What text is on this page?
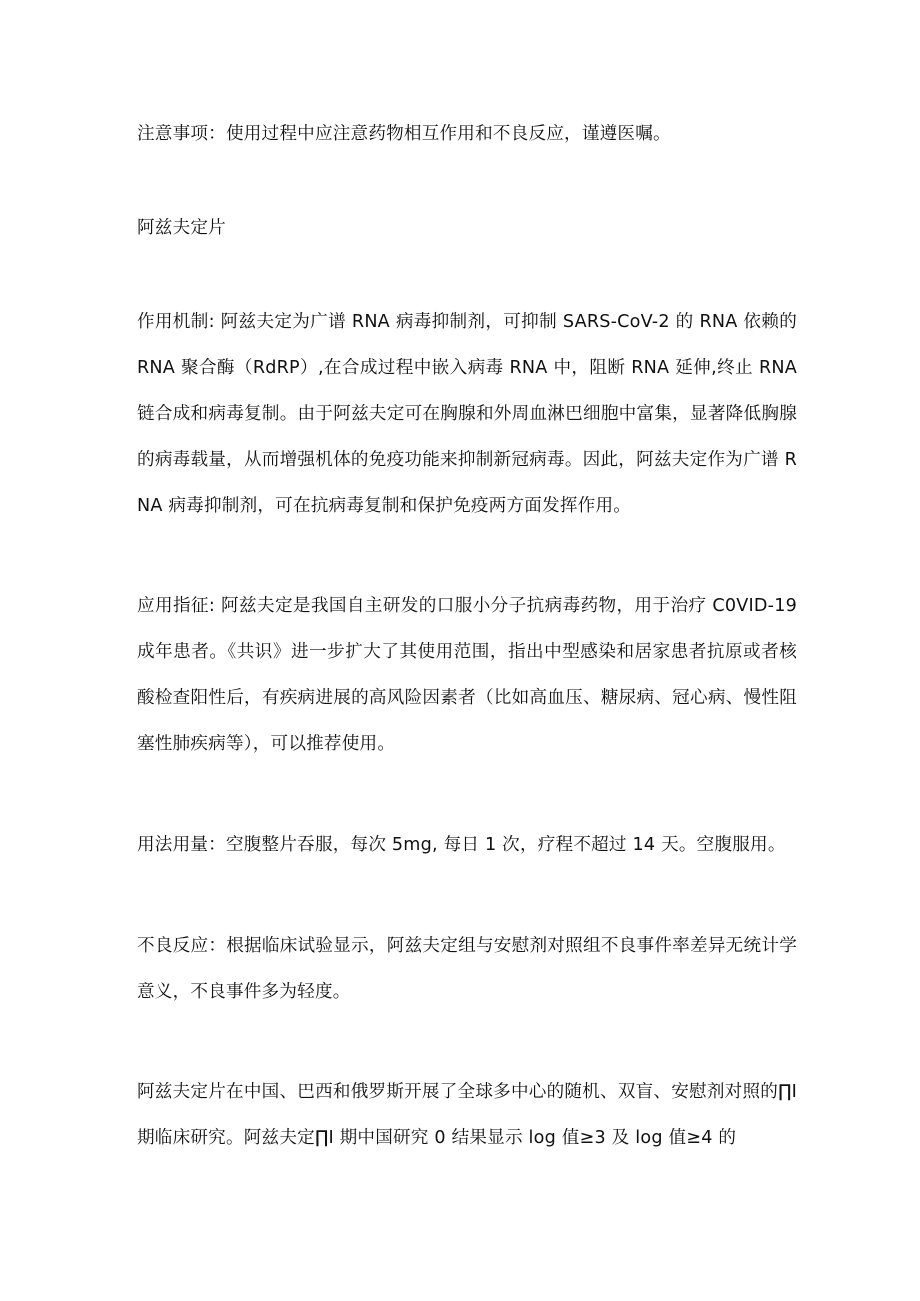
注意事项：使用过程中应注意药物相互作用和不良反应，谨遵医嘱。

阿兹夫定片

作用机制: 阿兹夫定为广谱 RNA 病毒抑制剂，可抑制 SARS-CoV-2 的 RNA 依赖的 RNA 聚合酶（RdRP）,在合成过程中嵌入病毒 RNA 中，阻断 RNA 延伸,终止 RNA 链合成和病毒复制。由于阿兹夫定可在胸腺和外周血淋巴细胞中富集，显著降低胸腺的病毒载量，从而增强机体的免疫功能来抑制新冠病毒。因此，阿兹夫定作为广谱 RNA 病毒抑制剂，可在抗病毒复制和保护免疫两方面发挥作用。

应用指征: 阿兹夫定是我国自主研发的口服小分子抗病毒药物，用于治疗 C0VID-19 成年患者。《共识》进一步扩大了其使用范围，指出中型感染和居家患者抗原或者核酸检查阳性后，有疾病进展的高风险因素者（比如高血压、糖尿病、冠心病、慢性阻塞性肺疾病等），可以推荐使用。

用法用量：空腹整片吞服，每次 5mg, 每日 1 次，疗程不超过 14 天。空腹服用。

不良反应：根据临床试验显示，阿兹夫定组与安慰剂对照组不良事件率差异无统计学意义，不良事件多为轻度。

阿兹夫定片在中国、巴西和俄罗斯开展了全球多中心的随机、双盲、安慰剂对照的∏I 期临床研究。阿兹夫定∏I 期中国研究 0 结果显示 log 值≥3 及 log 值≥4 的
